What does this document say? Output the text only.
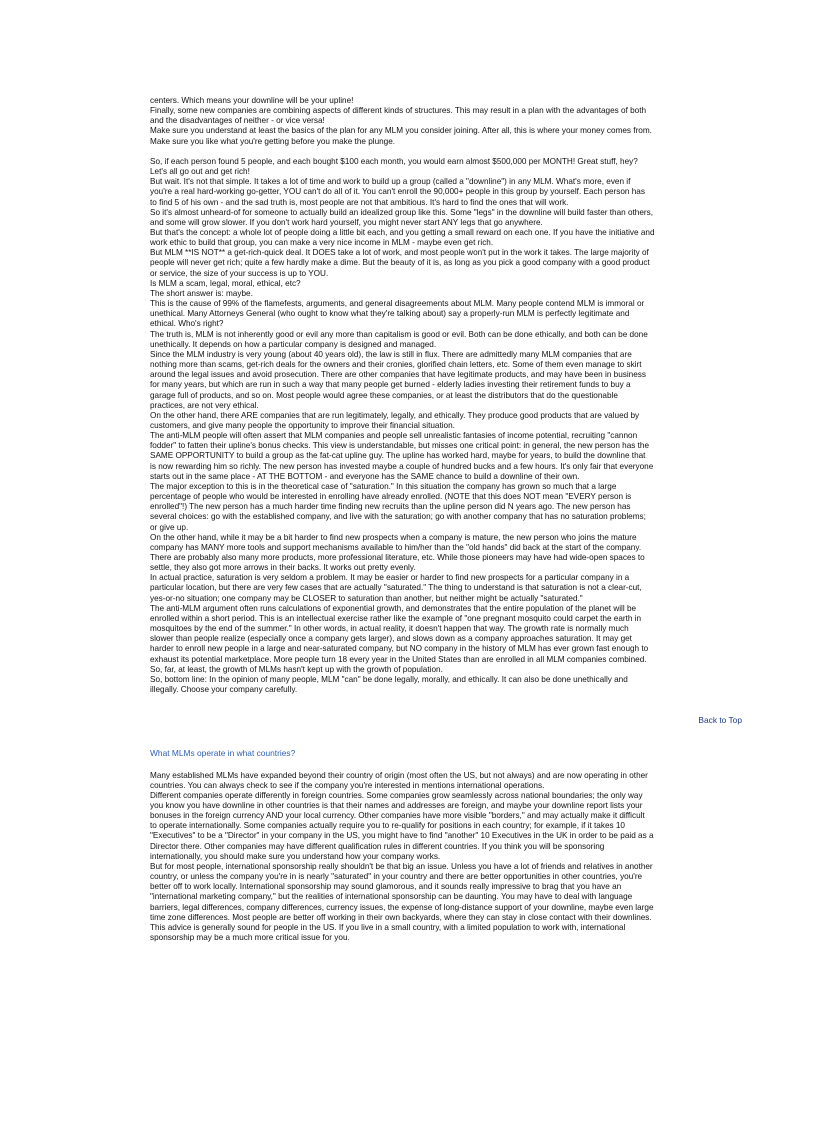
centers. Which means your downline will be your upline!
Finally, some new companies are combining aspects of different kinds of structures. This may result in a plan with the advantages of both
and the disadvantages of neither - or vice versa!
Make sure you understand at least the basics of the plan for any MLM you consider joining. After all, this is where your money comes from.
Make sure you like what you're getting before you make the plunge.
So, if each person found 5 people, and each bought $100 each month, you would earn almost $500,000 per MONTH! Great stuff, hey?
Let's all go out and get rich!
But wait. It's not that simple. It takes a lot of time and work to build up a group (called a "downline") in any MLM. What's more, even if
you're a real hard-working go-getter, YOU can't do all of it. You can't enroll the 90,000+ people in this group by yourself. Each person has
to find 5 of his own - and the sad truth is, most people are not that ambitious. It's hard to find the ones that will work.
So it's almost unheard-of for someone to actually build an idealized group like this. Some "legs" in the downline will build faster than others,
and some will grow slower. If you don't work hard yourself, you might never start ANY legs that go anywhere.
But that's the concept: a whole lot of people doing a little bit each, and you getting a small reward on each one. If you have the initiative and
work ethic to build that group, you can make a very nice income in MLM - maybe even get rich.
But MLM **IS NOT** a get-rich-quick deal. It DOES take a lot of work, and most people won't put in the work it takes. The large majority of
people will never get rich; quite a few hardly make a dime. But the beauty of it is, as long as you pick a good company with a good product
or service, the size of your success is up to YOU.
Is MLM a scam, legal, moral, ethical, etc?
The short answer is: maybe.
This is the cause of 99% of the flamefests, arguments, and general disagreements about MLM. Many people contend MLM is immoral or
unethical. Many Attorneys General (who ought to know what they're talking about) say a properly-run MLM is perfectly legitimate and
ethical. Who's right?
The truth is, MLM is not inherently good or evil any more than capitalism is good or evil. Both can be done ethically, and both can be done
unethically. It depends on how a particular company is designed and managed.
Since the MLM industry is very young (about 40 years old), the law is still in flux. There are admittedly many MLM companies that are
nothing more than scams, get-rich deals for the owners and their cronies, glorified chain letters, etc. Some of them even manage to skirt
around the legal issues and avoid prosecution. There are other companies that have legitimate products, and may have been in business
for many years, but which are run in such a way that many people get burned - elderly ladies investing their retirement funds to buy a
garage full of products, and so on. Most people would agree these companies, or at least the distributors that do the questionable
practices, are not very ethical.
On the other hand, there ARE companies that are run legitimately, legally, and ethically. They produce good products that are valued by
customers, and give many people the opportunity to improve their financial situation.
The anti-MLM people will often assert that MLM companies and people sell unrealistic fantasies of income potential, recruiting "cannon
fodder" to fatten their upline's bonus checks. This view is understandable, but misses one critical point: in general, the new person has the
SAME OPPORTUNITY to build a group as the fat-cat upline guy. The upline has worked hard, maybe for years, to build the downline that
is now rewarding him so richly. The new person has invested maybe a couple of hundred bucks and a few hours. It's only fair that everyone
starts out in the same place - AT THE BOTTOM - and everyone has the SAME chance to build a downline of their own.
The major exception to this is in the theoretical case of "saturation." In this situation the company has grown so much that a large
percentage of people who would be interested in enrolling have already enrolled. (NOTE that this does NOT mean "EVERY person is
enrolled"!) The new person has a much harder time finding new recruits than the upline person did N years ago. The new person has
several choices: go with the established company, and live with the saturation; go with another company that has no saturation problems;
or give up.
On the other hand, while it may be a bit harder to find new prospects when a company is mature, the new person who joins the mature
company has MANY more tools and support mechanisms available to him/her than the "old hands" did back at the start of the company.
There are probably also many more products, more professional literature, etc. While those pioneers may have had wide-open spaces to
settle, they also got more arrows in their backs. It works out pretty evenly.
In actual practice, saturation is very seldom a problem. It may be easier or harder to find new prospects for a particular company in a
particular location, but there are very few cases that are actually "saturated." The thing to understand is that saturation is not a clear-cut,
yes-or-no situation; one company may be CLOSER to saturation than another, but neither might be actually "saturated."
The anti-MLM argument often runs calculations of exponential growth, and demonstrates that the entire population of the planet will be
enrolled within a short period. This is an intellectual exercise rather like the example of "one pregnant mosquito could carpet the earth in
mosquitoes by the end of the summer." In other words, in actual reality, it doesn't happen that way. The growth rate is normally much
slower than people realize (especially once a company gets larger), and slows down as a company approaches saturation. It may get
harder to enroll new people in a large and near-saturated company, but NO company in the history of MLM has ever grown fast enough to
exhaust its potential marketplace. More people turn 18 every year in the United States than are enrolled in all MLM companies combined.
So, far, at least, the growth of MLMs hasn't kept up with the growth of population.
So, bottom line: In the opinion of many people, MLM "can" be done legally, morally, and ethically. It can also be done unethically and
illegally. Choose your company carefully.
Back to Top
What MLMs operate in what countries?
Many established MLMs have expanded beyond their country of origin (most often the US, but not always) and are now operating in other
countries. You can always check to see if the company you're interested in mentions international operations.
Different companies operate differently in foreign countries. Some companies grow seamlessly across national boundaries; the only way
you know you have downline in other countries is that their names and addresses are foreign, and maybe your downline report lists your
bonuses in the foreign currency AND your local currency. Other companies have more visible "borders," and may actually make it difficult
to operate internationally. Some companies actually require you to re-qualify for positions in each country; for example, if it takes 10
"Executives" to be a "Director" in your company in the US, you might have to find "another" 10 Executives in the UK in order to be paid as a
Director there. Other companies may have different qualification rules in different countries. If you think you will be sponsoring
internationally, you should make sure you understand how your company works.
But for most people, international sponsorship really shouldn't be that big an issue. Unless you have a lot of friends and relatives in another
country, or unless the company you're in is nearly "saturated" in your country and there are better opportunities in other countries, you're
better off to work locally. International sponsorship may sound glamorous, and it sounds really impressive to brag that you have an
"international marketing company," but the realities of international sponsorship can be daunting. You may have to deal with language
barriers, legal differences, company differences, currency issues, the expense of long-distance support of your downline, maybe even large
time zone differences. Most people are better off working in their own backyards, where they can stay in close contact with their downlines.
This advice is generally sound for people in the US. If you live in a small country, with a limited population to work with, international
sponsorship may be a much more critical issue for you.
